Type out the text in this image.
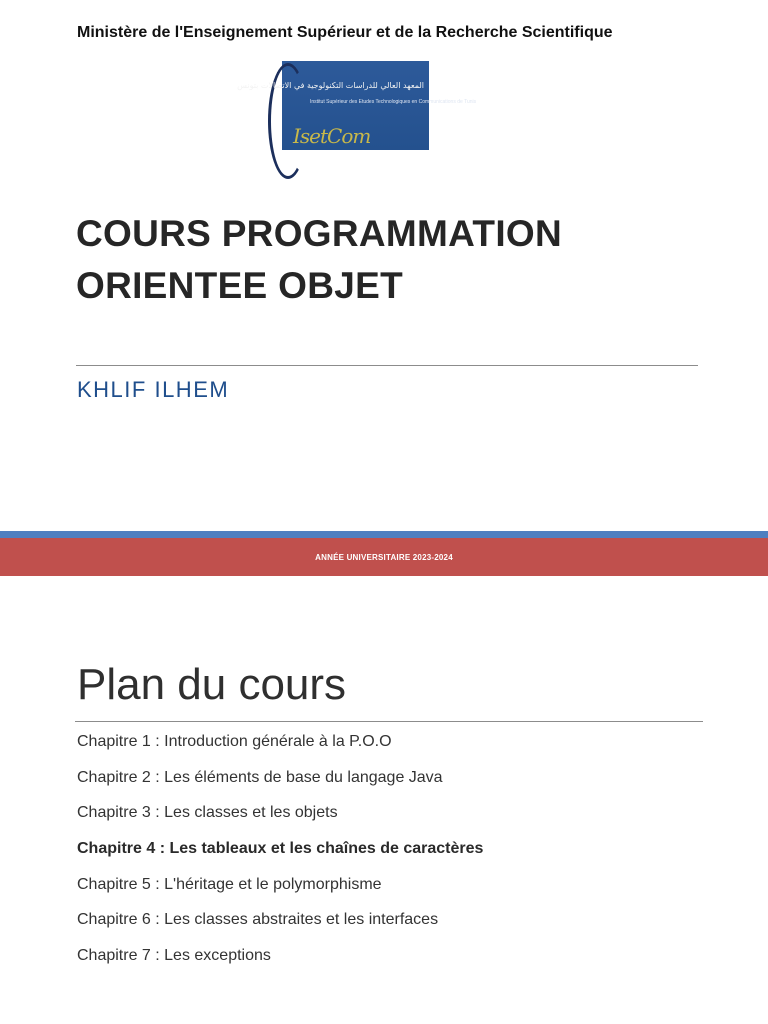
Ministère de l'Enseignement Supérieur et de la Recherche Scientifique
المعهد العالي للدراسات التكنولوجية في الاتصالات بتونس
Institut Supérieur des Etudes Technologiques en Communications de Tunis
IsetCom
COURS PROGRAMMATION
ORIENTEE OBJET
KHLIF ILHEM
ANNÉE UNIVERSITAIRE 2023-2024
Plan du cours
Chapitre 1 : Introduction générale à la P.O.O
Chapitre 2 : Les éléments de base du langage Java
Chapitre 3 : Les classes et les objets
Chapitre 4 : Les tableaux et les chaînes de caractères
Chapitre 5 : L'héritage et le polymorphisme
Chapitre 6 : Les classes abstraites et les interfaces
Chapitre 7 : Les exceptions
